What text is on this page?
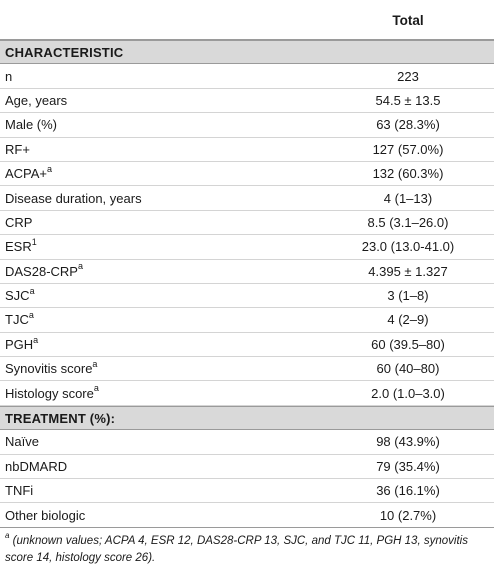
Total
CHARACTERISTIC
n	223
Age, years	54.5 ± 13.5
Male (%)	63 (28.3%)
RF+	127 (57.0%)
ACPA+$^a$	132 (60.3%)
Disease duration, years	4 (1–13)
CRP	8.5 (3.1–26.0)
ESR$^1$	23.0 (13.0-41.0)
DAS28-CRP$^a$	4.395 ± 1.327
SJC$^a$	3 (1–8)
TJC$^a$	4 (2–9)
PGH$^a$	60 (39.5–80)
Synovitis score$^a$	60 (40–80)
Histology score$^a$	2.0 (1.0–3.0)
TREATMENT (%):
Naïve	98 (43.9%)
nbDMARD	79 (35.4%)
TNFi	36 (16.1%)
Other biologic	10 (2.7%)
$^a$ (unknown values; ACPA 4, ESR 12, DAS28-CRP 13, SJC, and TJC 11, PGH 13, synovitis score 14, histology score 26).
